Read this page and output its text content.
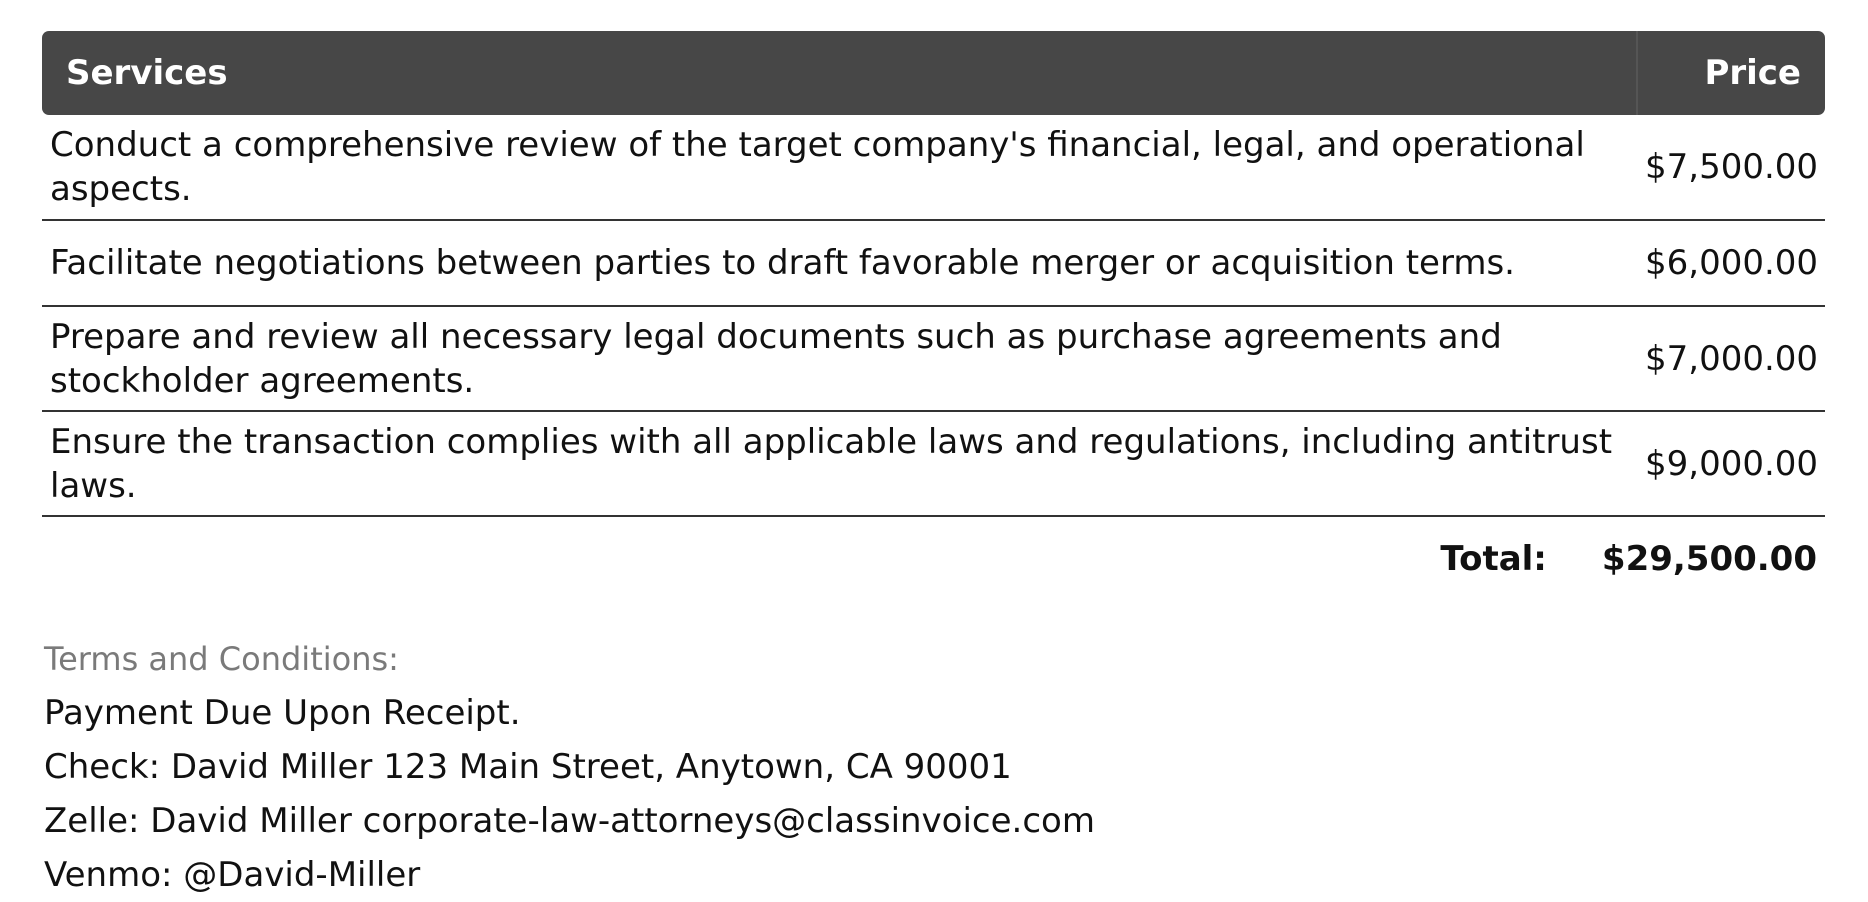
Services	Price
Conduct a comprehensive review of the target company's financial, legal, and operational aspects.	$7,500.00
Facilitate negotiations between parties to draft favorable merger or acquisition terms.	$6,000.00
Prepare and review all necessary legal documents such as purchase agreements and stockholder agreements.	$7,000.00
Ensure the transaction complies with all applicable laws and regulations, including antitrust laws.	$9,000.00
Total: $29,500.00
Terms and Conditions:
Payment Due Upon Receipt.
Check: David Miller 123 Main Street, Anytown, CA 90001
Zelle: David Miller corporate-law-attorneys@classinvoice.com
Venmo: @David-Miller
